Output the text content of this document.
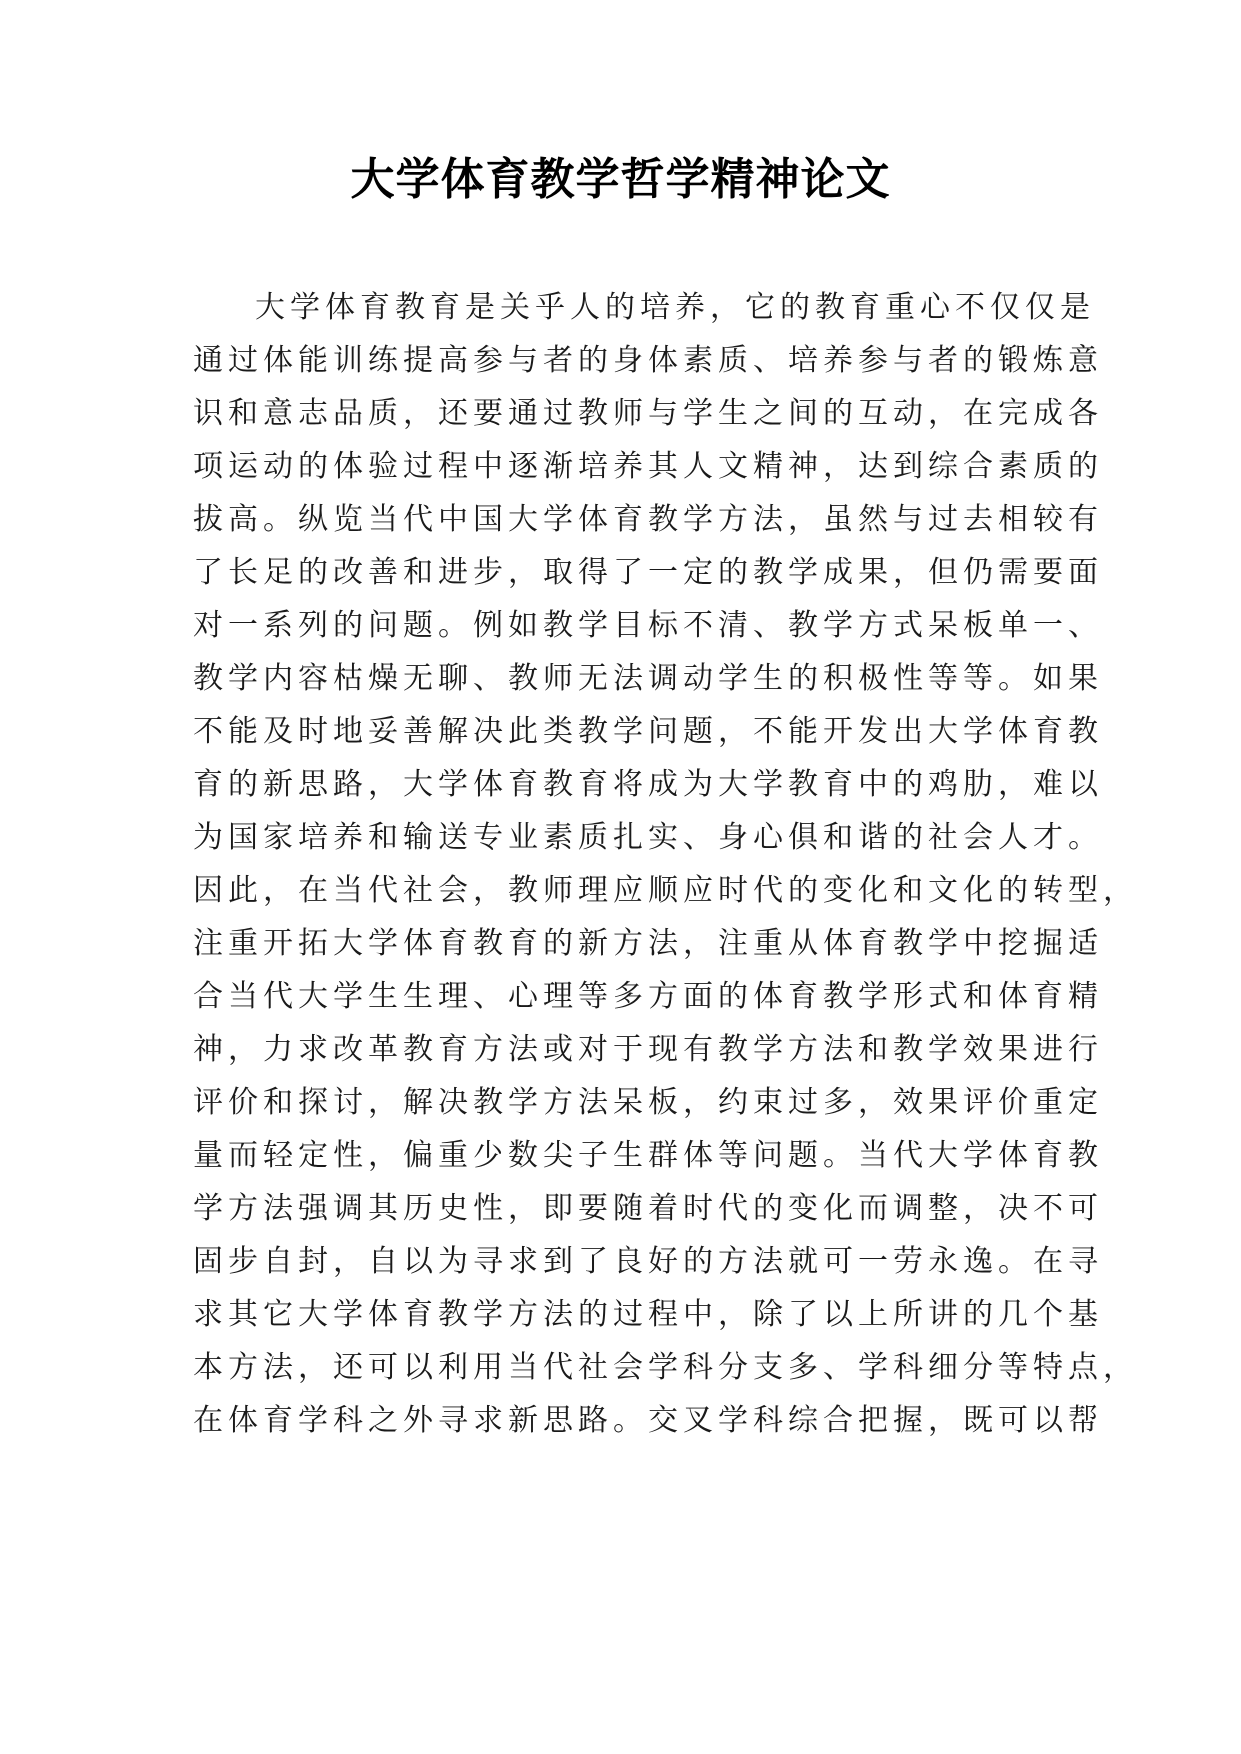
大学体育教学哲学精神论文
大学体育教育是关乎人的培养，它的教育重心不仅仅是
通过体能训练提高参与者的身体素质、培养参与者的锻炼意
识和意志品质，还要通过教师与学生之间的互动，在完成各
项运动的体验过程中逐渐培养其人文精神，达到综合素质的
拔高。纵览当代中国大学体育教学方法，虽然与过去相较有
了长足的改善和进步，取得了一定的教学成果，但仍需要面
对一系列的问题。例如教学目标不清、教学方式呆板单一、
教学内容枯燥无聊、教师无法调动学生的积极性等等。如果
不能及时地妥善解决此类教学问题，不能开发出大学体育教
育的新思路，大学体育教育将成为大学教育中的鸡肋，难以
为国家培养和输送专业素质扎实、身心俱和谐的社会人才。
因此，在当代社会，教师理应顺应时代的变化和文化的转型，
注重开拓大学体育教育的新方法，注重从体育教学中挖掘适
合当代大学生生理、心理等多方面的体育教学形式和体育精
神，力求改革教育方法或对于现有教学方法和教学效果进行
评价和探讨，解决教学方法呆板，约束过多，效果评价重定
量而轻定性，偏重少数尖子生群体等问题。当代大学体育教
学方法强调其历史性，即要随着时代的变化而调整，决不可
固步自封，自以为寻求到了良好的方法就可一劳永逸。在寻
求其它大学体育教学方法的过程中，除了以上所讲的几个基
本方法，还可以利用当代社会学科分支多、学科细分等特点，
在体育学科之外寻求新思路。交叉学科综合把握，既可以帮
